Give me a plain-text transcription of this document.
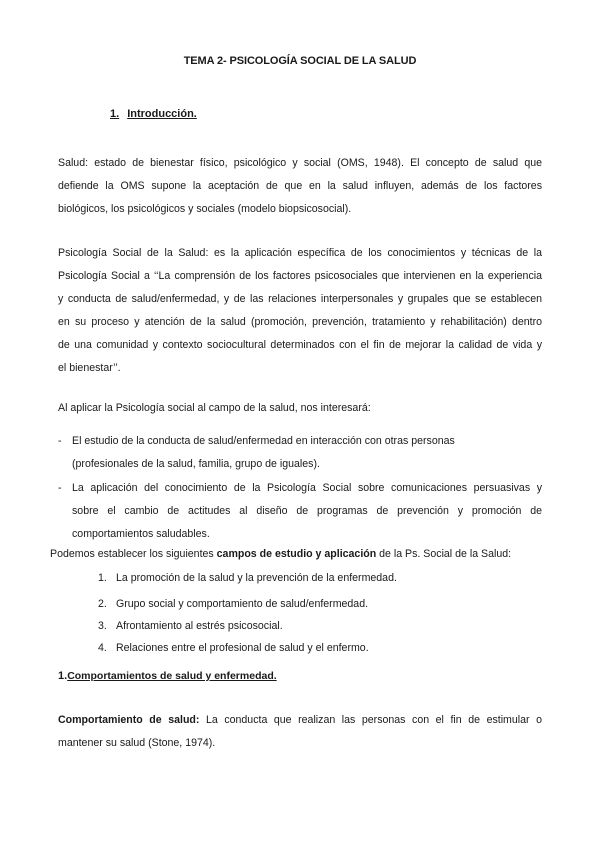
TEMA 2- PSICOLOGÍA SOCIAL DE LA SALUD
1. Introducción.
Salud: estado de bienestar físico, psicológico y social (OMS, 1948). El concepto de salud que
defiende la OMS supone la aceptación de que en la salud influyen, además de los factores
biológicos, los psicológicos y sociales (modelo biopsicosocial).
Psicología Social de la Salud: es la aplicación específica de los conocimientos y técnicas de la
Psicología Social a ‘‘La comprensión de los factores psicosociales que intervienen en la experiencia
y conducta de salud/enfermedad, y de las relaciones interpersonales y grupales que se establecen
en su proceso y atención de la salud (promoción, prevención, tratamiento y rehabilitación) dentro
de una comunidad y contexto sociocultural determinados con el fin de mejorar la calidad de vida y
el bienestar’’.
Al aplicar la Psicología social al campo de la salud, nos interesará:
- El estudio de la conducta de salud/enfermedad en interacción con otras personas
(profesionales de la salud, familia, grupo de iguales).
- La aplicación del conocimiento de la Psicología Social sobre comunicaciones persuasivas y
sobre el cambio de actitudes al diseño de programas de prevención y promoción de
comportamientos saludables.
Podemos establecer los siguientes campos de estudio y aplicación de la Ps. Social de la Salud:
1. La promoción de la salud y la prevención de la enfermedad.
2. Grupo social y comportamiento de salud/enfermedad.
3. Afrontamiento al estrés psicosocial.
4. Relaciones entre el profesional de salud y el enfermo.
1.Comportamientos de salud y enfermedad.
Comportamiento de salud: La conducta que realizan las personas con el fin de estimular o
mantener su salud (Stone, 1974).
